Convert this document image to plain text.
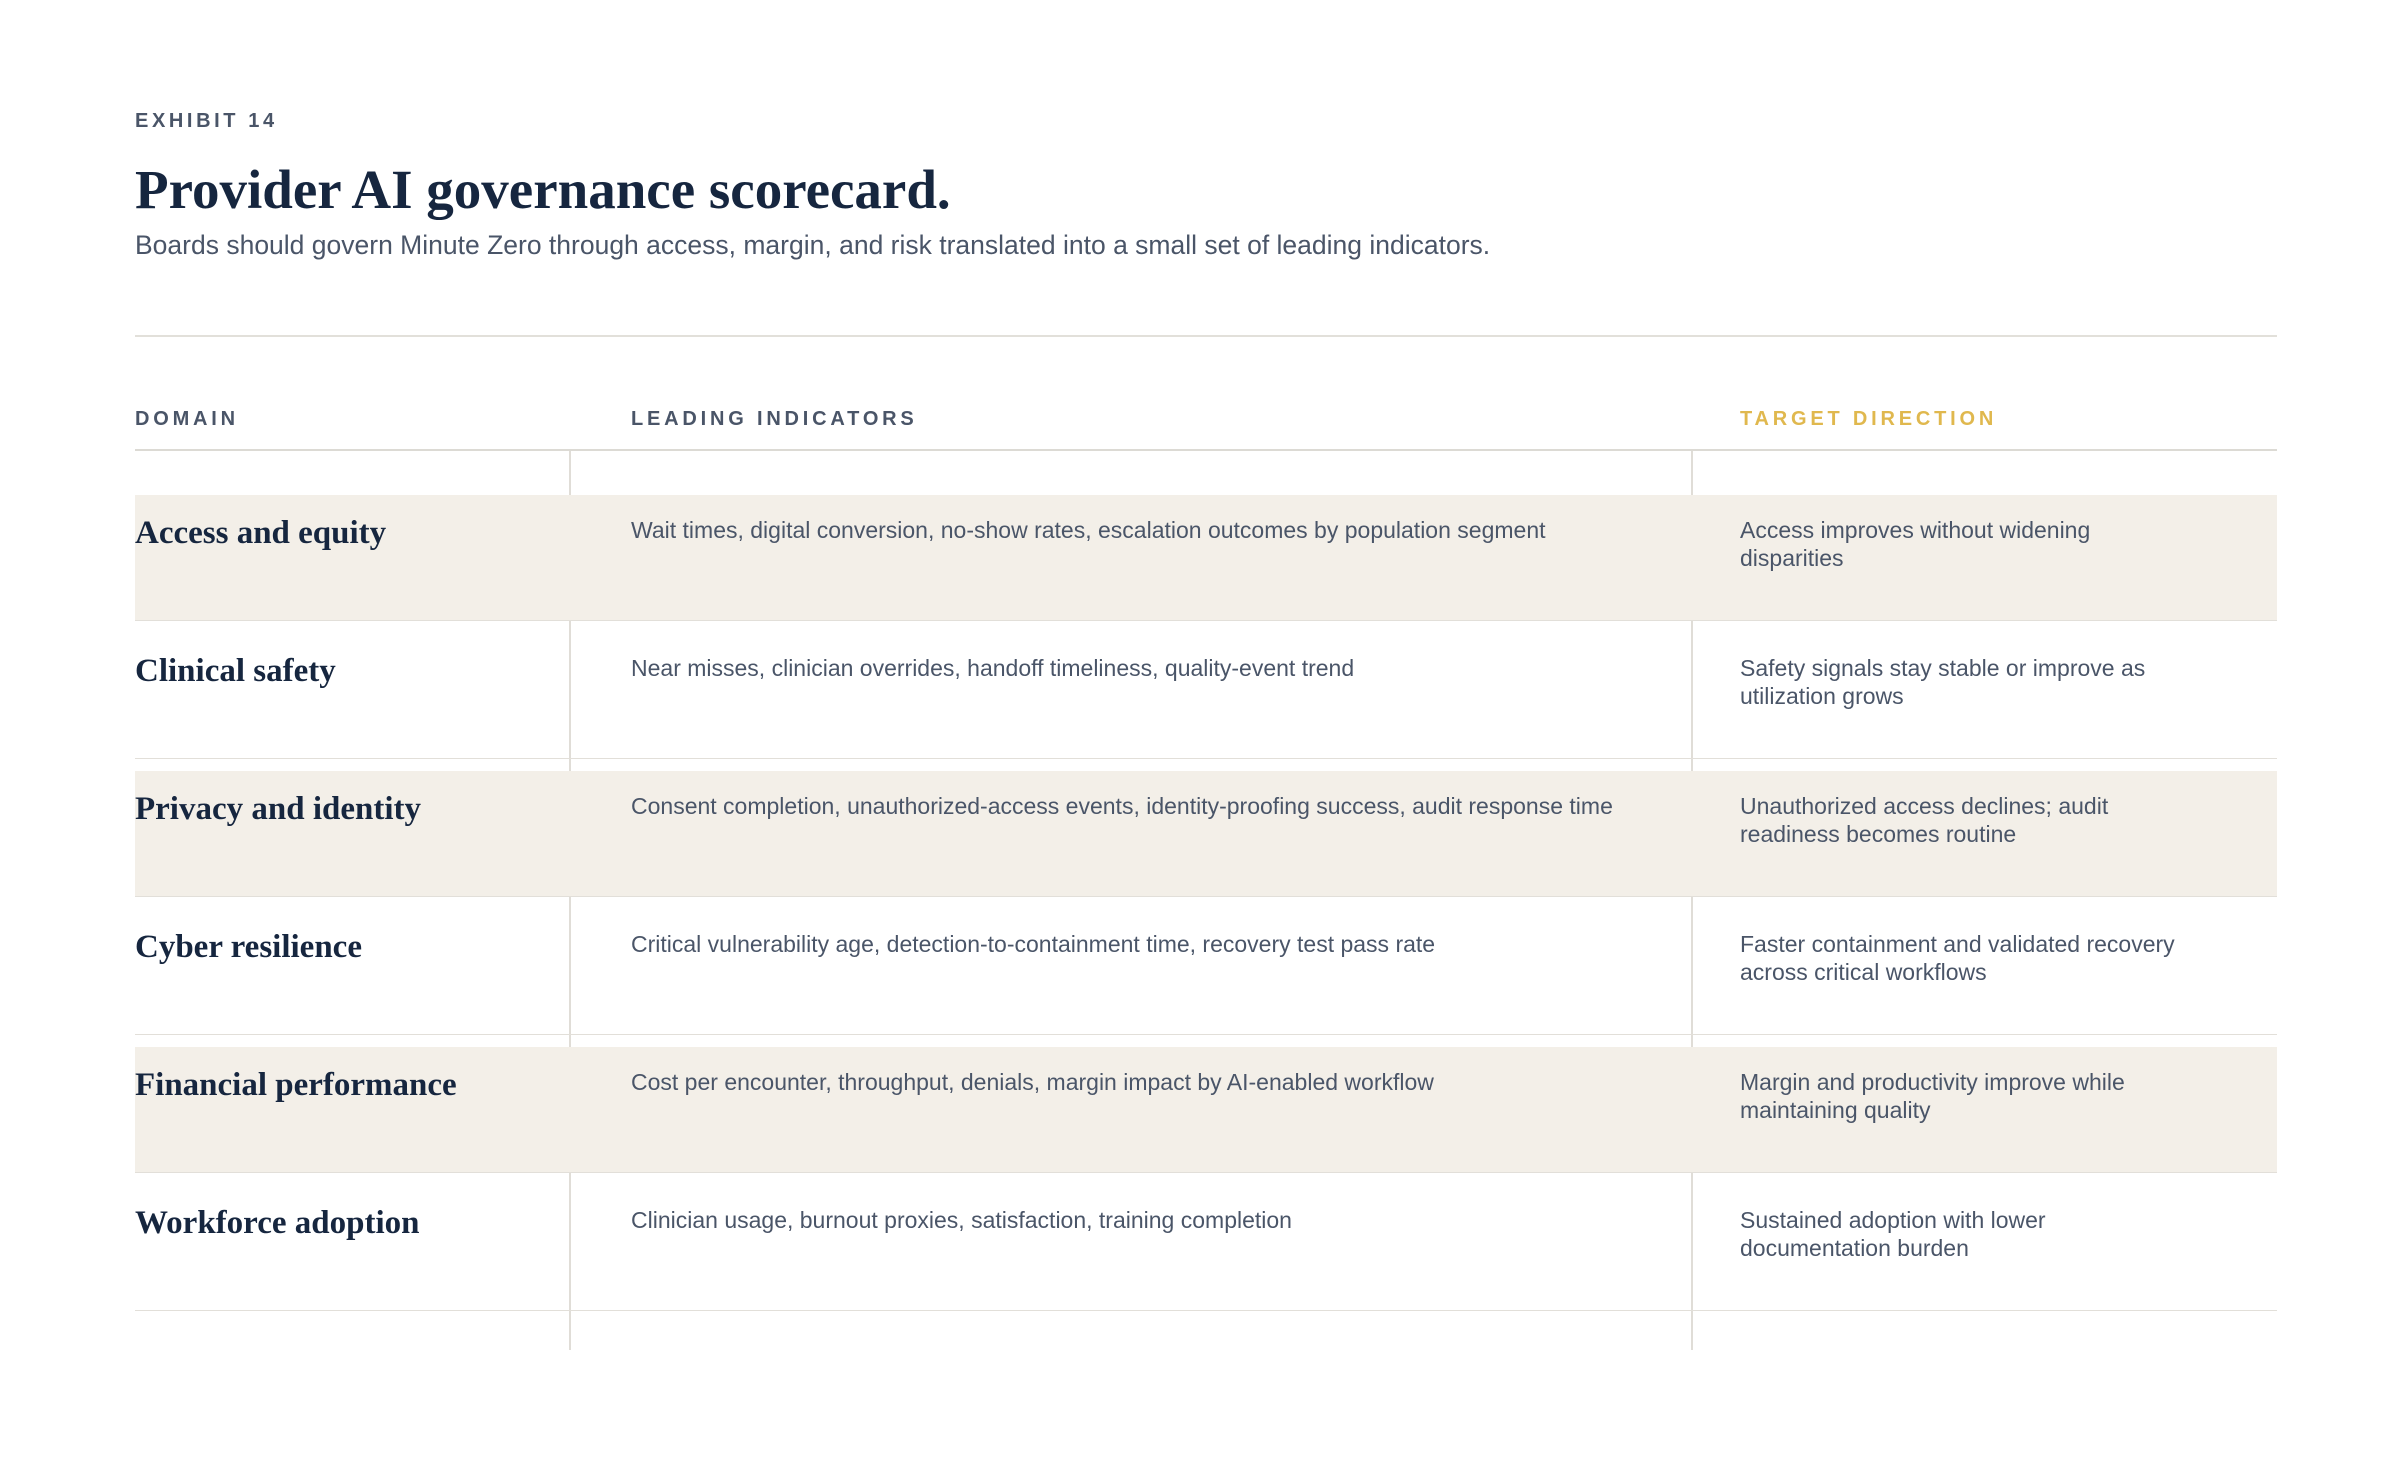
EXHIBIT 14
Provider AI governance scorecard.

Boards should govern Minute Zero through access, margin, and risk translated into a small set of leading indicators.

DOMAIN	LEADING INDICATORS	TARGET DIRECTION
Access and equity	Wait times, digital conversion, no-show rates, escalation outcomes by population segment	Access improves without widening disparities
Clinical safety	Near misses, clinician overrides, handoff timeliness, quality-event trend	Safety signals stay stable or improve as utilization grows
Privacy and identity	Consent completion, unauthorized-access events, identity-proofing success, audit response time	Unauthorized access declines; audit readiness becomes routine
Cyber resilience	Critical vulnerability age, detection-to-containment time, recovery test pass rate	Faster containment and validated recovery across critical workflows
Financial performance	Cost per encounter, throughput, denials, margin impact by AI-enabled workflow	Margin and productivity improve while maintaining quality
Workforce adoption	Clinician usage, burnout proxies, satisfaction, training completion	Sustained adoption with lower documentation burden
